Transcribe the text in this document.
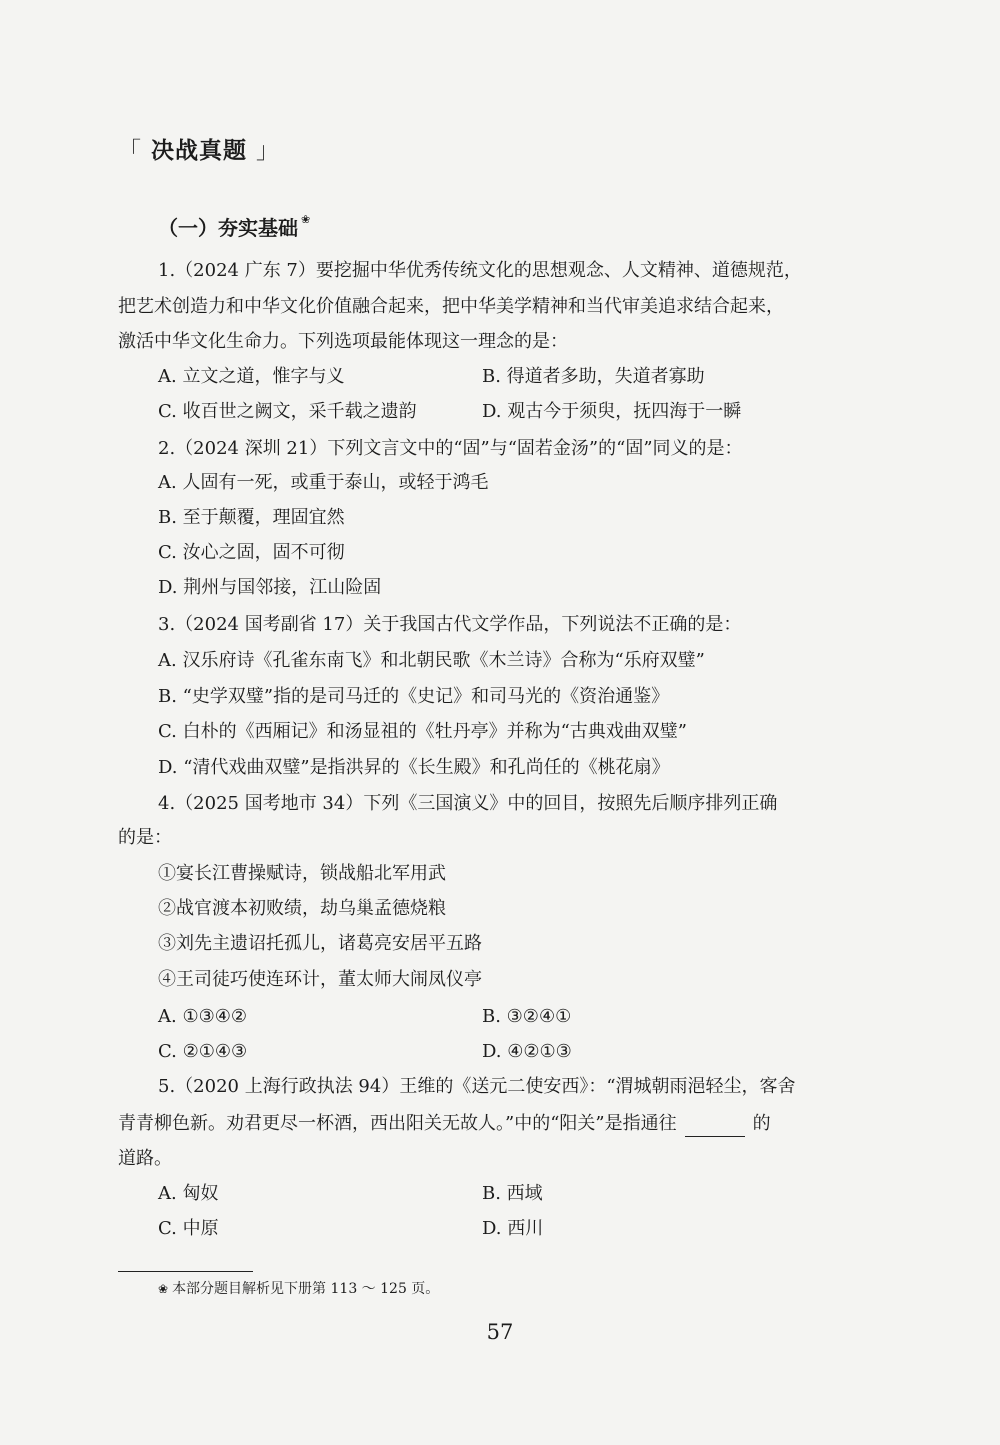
「 决战真题 」
（一）夯实基础 ❀
1.（2024 广东 7）要挖掘中华优秀传统文化的思想观念、人文精神、道德规范，
把艺术创造力和中华文化价值融合起来，把中华美学精神和当代审美追求结合起来，
激活中华文化生命力。下列选项最能体现这一理念的是：
A. 立文之道，惟字与义	B. 得道者多助，失道者寡助
C. 收百世之阙文，采千载之遗韵	D. 观古今于须臾，抚四海于一瞬
2.（2024 深圳 21）下列文言文中的“固”与“固若金汤”的“固”同义的是：
A. 人固有一死，或重于泰山，或轻于鸿毛
B. 至于颠覆，理固宜然
C. 汝心之固，固不可彻
D. 荆州与国邻接，江山险固
3.（2024 国考副省 17）关于我国古代文学作品，下列说法不正确的是：
A. 汉乐府诗《孔雀东南飞》和北朝民歌《木兰诗》合称为“乐府双璧”
B. “史学双璧”指的是司马迁的《史记》和司马光的《资治通鉴》
C. 白朴的《西厢记》和汤显祖的《牡丹亭》并称为“古典戏曲双璧”
D. “清代戏曲双璧”是指洪昇的《长生殿》和孔尚任的《桃花扇》
4.（2025 国考地市 34）下列《三国演义》中的回目，按照先后顺序排列正确
的是：
①宴长江曹操赋诗，锁战船北军用武
②战官渡本初败绩，劫乌巢孟德烧粮
③刘先主遗诏托孤儿，诸葛亮安居平五路
④王司徒巧使连环计，董太师大闹凤仪亭
A. ①③④②	B. ③②④①
C. ②①④③	D. ④②①③
5.（2020 上海行政执法 94）王维的《送元二使安西》：“渭城朝雨浥轻尘，客舍
青青柳色新。劝君更尽一杯酒，西出阳关无故人。”中的“阳关”是指通往	的
道路。
A. 匈奴	B. 西域
C. 中原	D. 西川
❀ 本部分题目解析见下册第 113 ～ 125 页。
57
